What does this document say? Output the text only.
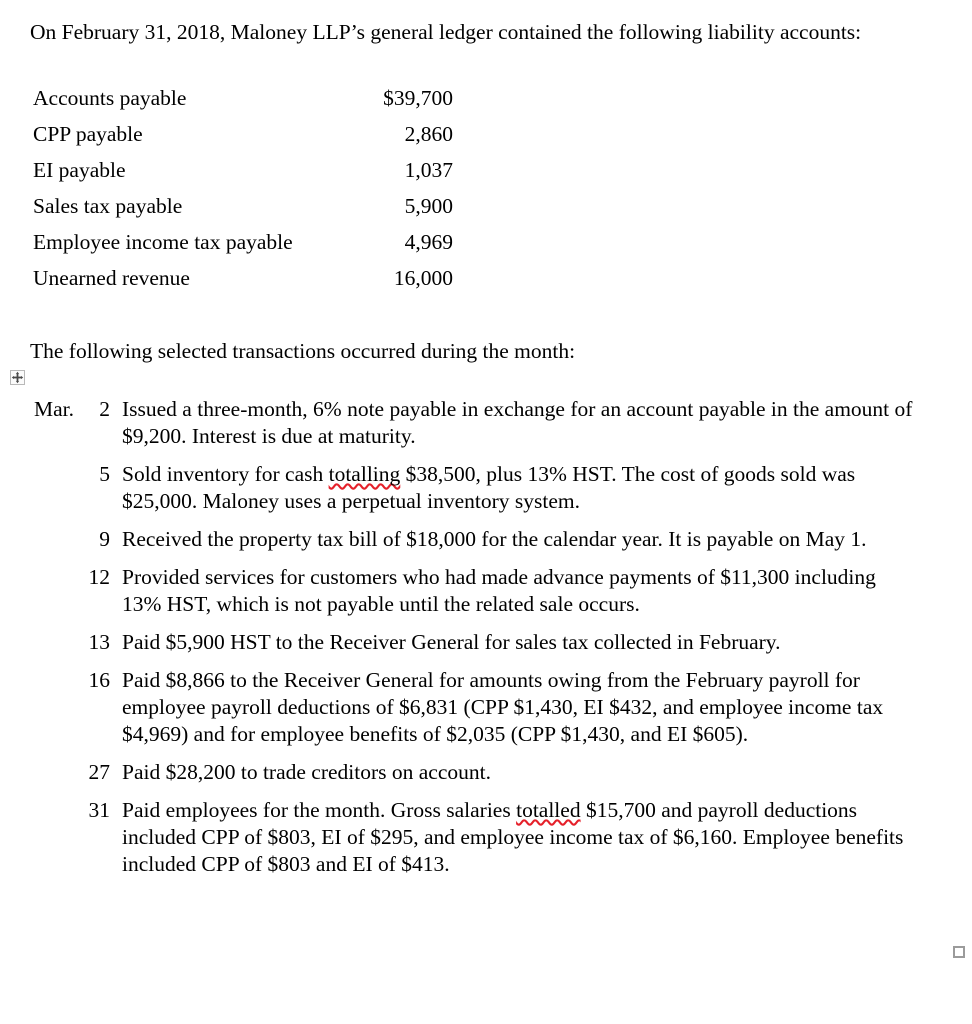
On February 31, 2018, Maloney LLP’s general ledger contained the following liability accounts:
Accounts payable	$39,700
CPP payable	2,860
EI payable	1,037
Sales tax payable	5,900
Employee income tax payable	4,969
Unearned revenue	16,000
The following selected transactions occurred during the month:
Mar.	2 Issued a three-month, 6% note payable in exchange for an account payable in the amount of $9,200. Interest is due at maturity.
5 Sold inventory for cash totalling $38,500, plus 13% HST. The cost of goods sold was $25,000. Maloney uses a perpetual inventory system.
9 Received the property tax bill of $18,000 for the calendar year. It is payable on May 1.
12 Provided services for customers who had made advance payments of $11,300 including 13% HST, which is not payable until the related sale occurs.
13 Paid $5,900 HST to the Receiver General for sales tax collected in February.
16 Paid $8,866 to the Receiver General for amounts owing from the February payroll for employee payroll deductions of $6,831 (CPP $1,430, EI $432, and employee income tax $4,969) and for employee benefits of $2,035 (CPP $1,430, and EI $605).
27 Paid $28,200 to trade creditors on account.
31 Paid employees for the month. Gross salaries totalled $15,700 and payroll deductions included CPP of $803, EI of $295, and employee income tax of $6,160. Employee benefits included CPP of $803 and EI of $413.
